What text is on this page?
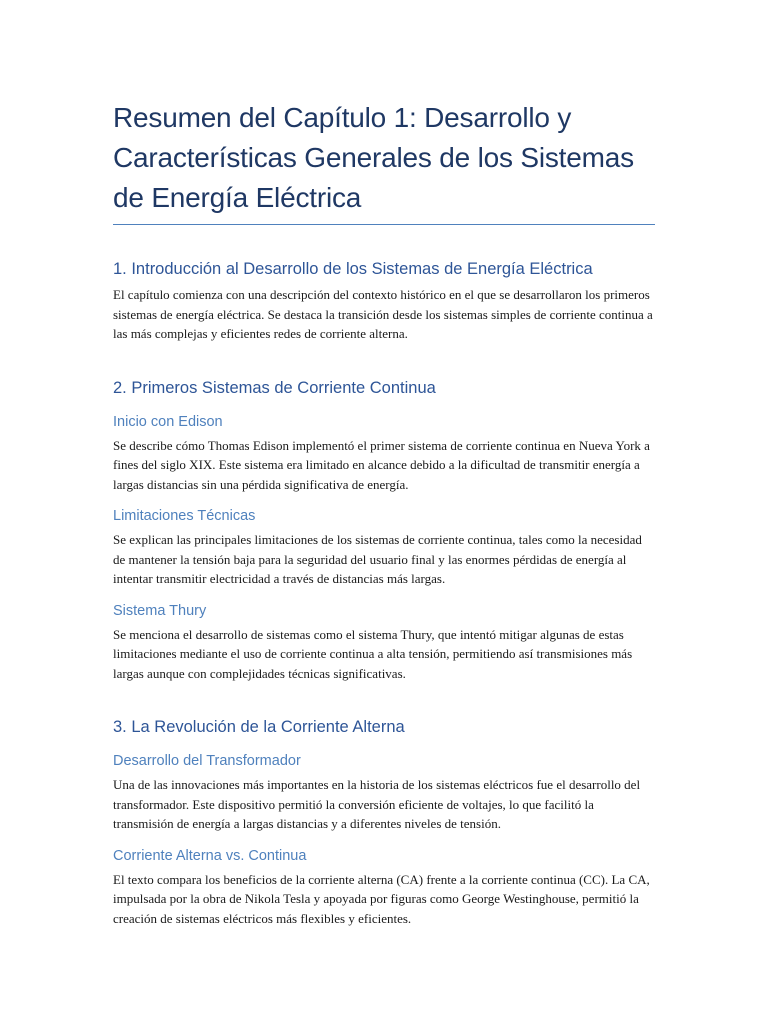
Resumen del Capítulo 1: Desarrollo y Características Generales de los Sistemas de Energía Eléctrica
1. Introducción al Desarrollo de los Sistemas de Energía Eléctrica

El capítulo comienza con una descripción del contexto histórico en el que se desarrollaron los primeros sistemas de energía eléctrica. Se destaca la transición desde los sistemas simples de corriente continua a las más complejas y eficientes redes de corriente alterna.

2. Primeros Sistemas de Corriente Continua
Inicio con Edison

Se describe cómo Thomas Edison implementó el primer sistema de corriente continua en Nueva York a fines del siglo XIX. Este sistema era limitado en alcance debido a la dificultad de transmitir energía a largas distancias sin una pérdida significativa de energía.

Limitaciones Técnicas

Se explican las principales limitaciones de los sistemas de corriente continua, tales como la necesidad de mantener la tensión baja para la seguridad del usuario final y las enormes pérdidas de energía al intentar transmitir electricidad a través de distancias más largas.

Sistema Thury

Se menciona el desarrollo de sistemas como el sistema Thury, que intentó mitigar algunas de estas limitaciones mediante el uso de corriente continua a alta tensión, permitiendo así transmisiones más largas aunque con complejidades técnicas significativas.

3. La Revolución de la Corriente Alterna
Desarrollo del Transformador

Una de las innovaciones más importantes en la historia de los sistemas eléctricos fue el desarrollo del transformador. Este dispositivo permitió la conversión eficiente de voltajes, lo que facilitó la transmisión de energía a largas distancias y a diferentes niveles de tensión.

Corriente Alterna vs. Continua

El texto compara los beneficios de la corriente alterna (CA) frente a la corriente continua (CC). La CA, impulsada por la obra de Nikola Tesla y apoyada por figuras como George Westinghouse, permitió la creación de sistemas eléctricos más flexibles y eficientes.
